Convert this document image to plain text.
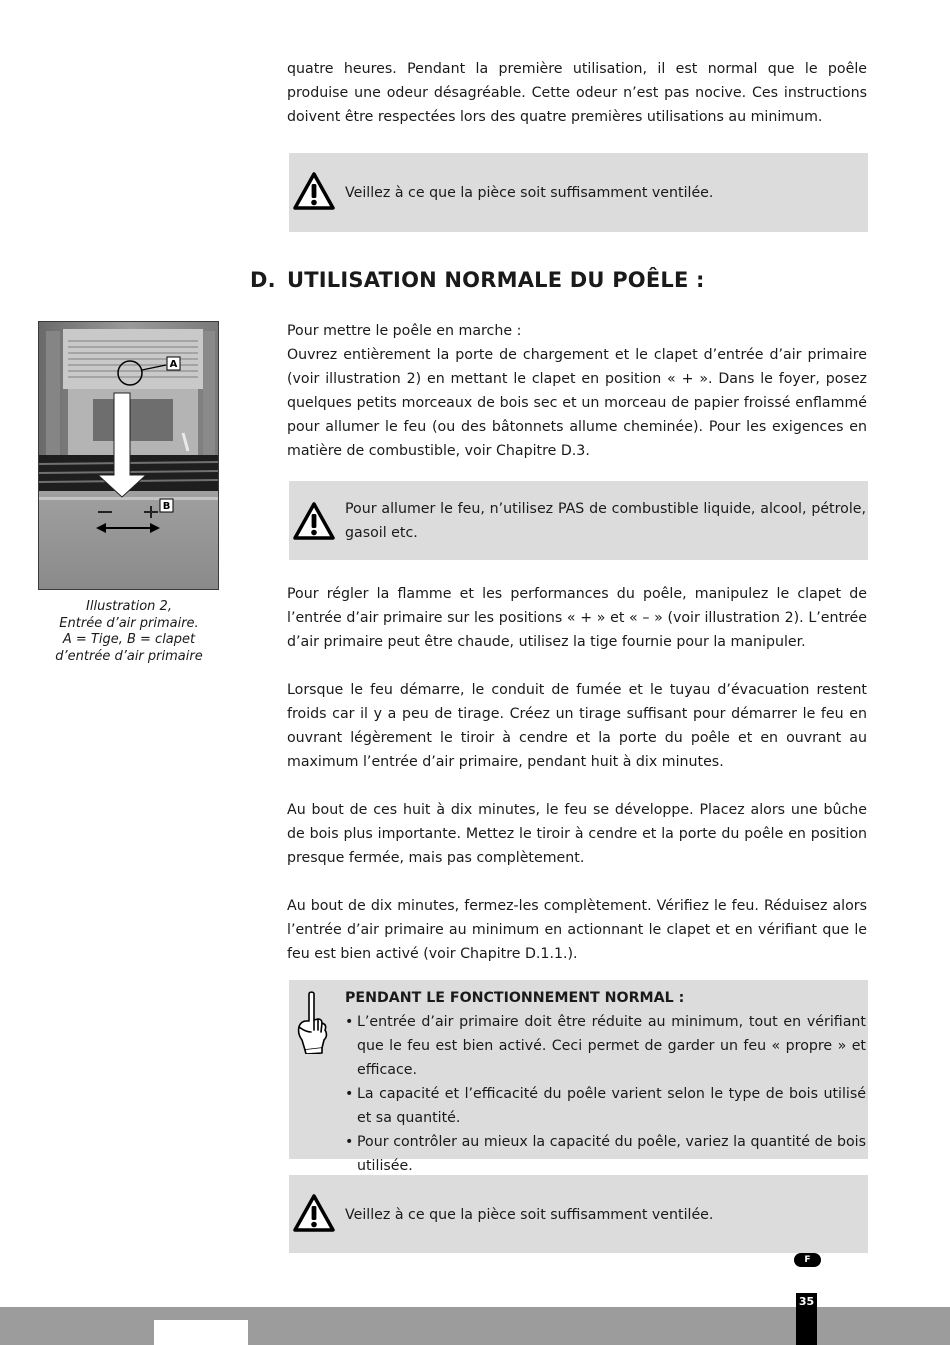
quatre heures. Pendant la première utilisation, il est normal que le poêle produise une odeur désagréable. Cette odeur n’est pas nocive. Ces instructions doivent être respectées lors des quatre premières utilisations au minimum.

Veillez à ce que la pièce soit suffisamment ventilée.
D. UTILISATION NORMALE DU POÊLE :
A
B
Illustration 2,
Entrée d’air primaire.
A = Tige, B = clapet
d’entrée d’air primaire
Pour mettre le poêle en marche :
Ouvrez entièrement la porte de chargement et le clapet d’entrée d’air primaire (voir illustration 2) en mettant le clapet en position « + ». Dans le foyer, posez quelques petits morceaux de bois sec et un morceau de papier froissé enflammé pour allumer le feu (ou des bâtonnets allume cheminée). Pour les exigences en matière de combustible, voir Chapitre D.3.
Pour allumer le feu, n’utilisez PAS de combustible liquide, alcool, pétrole, gasoil etc.

Pour régler la flamme et les performances du poêle, manipulez le clapet de l’entrée d’air primaire sur les positions « + » et « – » (voir illustration 2). L’entrée d’air primaire peut être chaude, utilisez la tige fournie pour la manipuler.

Lorsque le feu démarre, le conduit de fumée et le tuyau d’évacuation restent froids car il y a peu de tirage. Créez un tirage suffisant pour démarrer le feu en ouvrant légèrement le tiroir à cendre et la porte du poêle et en ouvrant au maximum l’entrée d’air primaire, pendant huit à dix minutes.

Au bout de ces huit à dix minutes, le feu se développe. Placez alors une bûche de bois plus importante. Mettez le tiroir à cendre et la porte du poêle en position presque fermée, mais pas complètement.

Au bout de dix minutes, fermez-les complètement. Vérifiez le feu. Réduisez alors l’entrée d’air primaire au minimum en actionnant le clapet et en vérifiant que le feu est bien activé (voir Chapitre D.1.1.).

PENDANT LE FONCTIONNEMENT NORMAL :
• L’entrée d’air primaire doit être réduite au minimum, tout en vérifiant que le feu est bien activé. Ceci permet de garder un feu « propre » et efficace.
• La capacité et l’efficacité du poêle varient selon le type de bois utilisé et sa quantité.
• Pour contrôler au mieux la capacité du poêle, variez la quantité de bois utilisée.
Veillez à ce que la pièce soit suffisamment ventilée.
F
35
